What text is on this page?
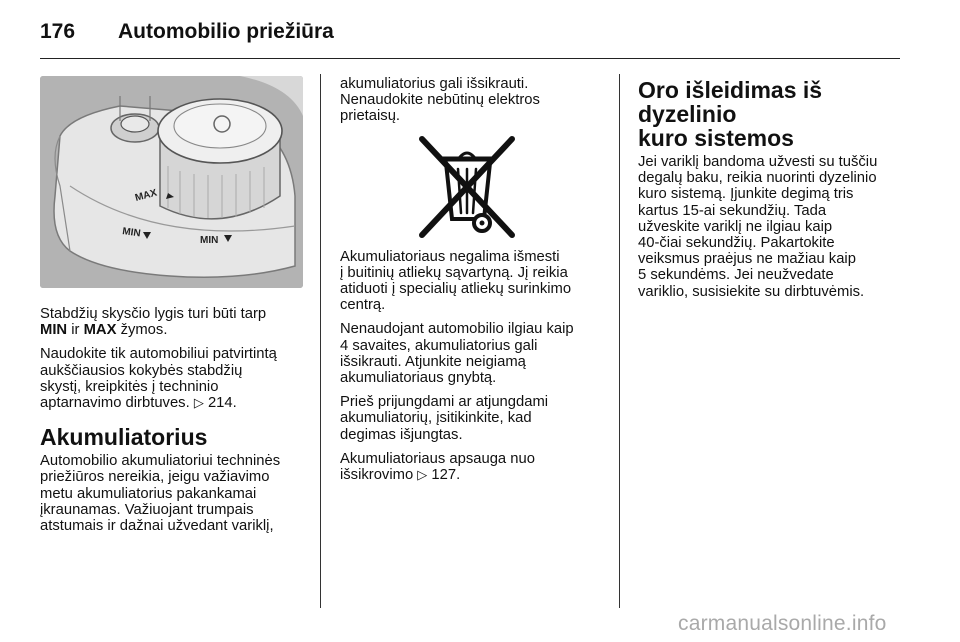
176 Automobilio priežiūra
MAX
MIN
MIN

Stabdžių skysčio lygis turi būti tarp
MIN ir MAX žymos.

Naudokite tik automobiliui patvirtintą
aukščiausios kokybės stabdžių
skystį, kreipkitės į techninio
aptarnavimo dirbtuves. ▷ 214.

Akumuliatorius

Automobilio akumuliatoriui techninės
priežiūros nereikia, jeigu važiavimo
metu akumuliatorius pakankamai
įkraunamas. Važiuojant trumpais
atstumais ir dažnai užvedant variklį,

akumuliatorius gali išsikrauti.
Nenaudokite nebūtinų elektros
prietaisų.

Akumuliatoriaus negalima išmesti
į buitinių atliekų sąvartyną. Jį reikia
atiduoti į specialių atliekų surinkimo
centrą.

Nenaudojant automobilio ilgiau kaip
4 savaites, akumuliatorius gali
išsikrauti. Atjunkite neigiamą
akumuliatoriaus gnybtą.

Prieš prijungdami ar atjungdami
akumuliatorių, įsitikinkite, kad
degimas išjungtas.

Akumuliatoriaus apsauga nuo
išsikrovimo ▷ 127.

Oro išleidimas iš dyzelinio
kuro sistemos

Jei variklį bandoma užvesti su tuščiu
degalų baku, reikia nuorinti dyzelinio
kuro sistemą. Įjunkite degimą tris
kartus 15-ai sekundžių. Tada
užveskite variklį ne ilgiau kaip
40-čiai sekundžių. Pakartokite
veiksmus praėjus ne mažiau kaip
5 sekundėms. Jei neužvedate
variklio, susisiekite su dirbtuvėmis.

carmanualsonline.info
